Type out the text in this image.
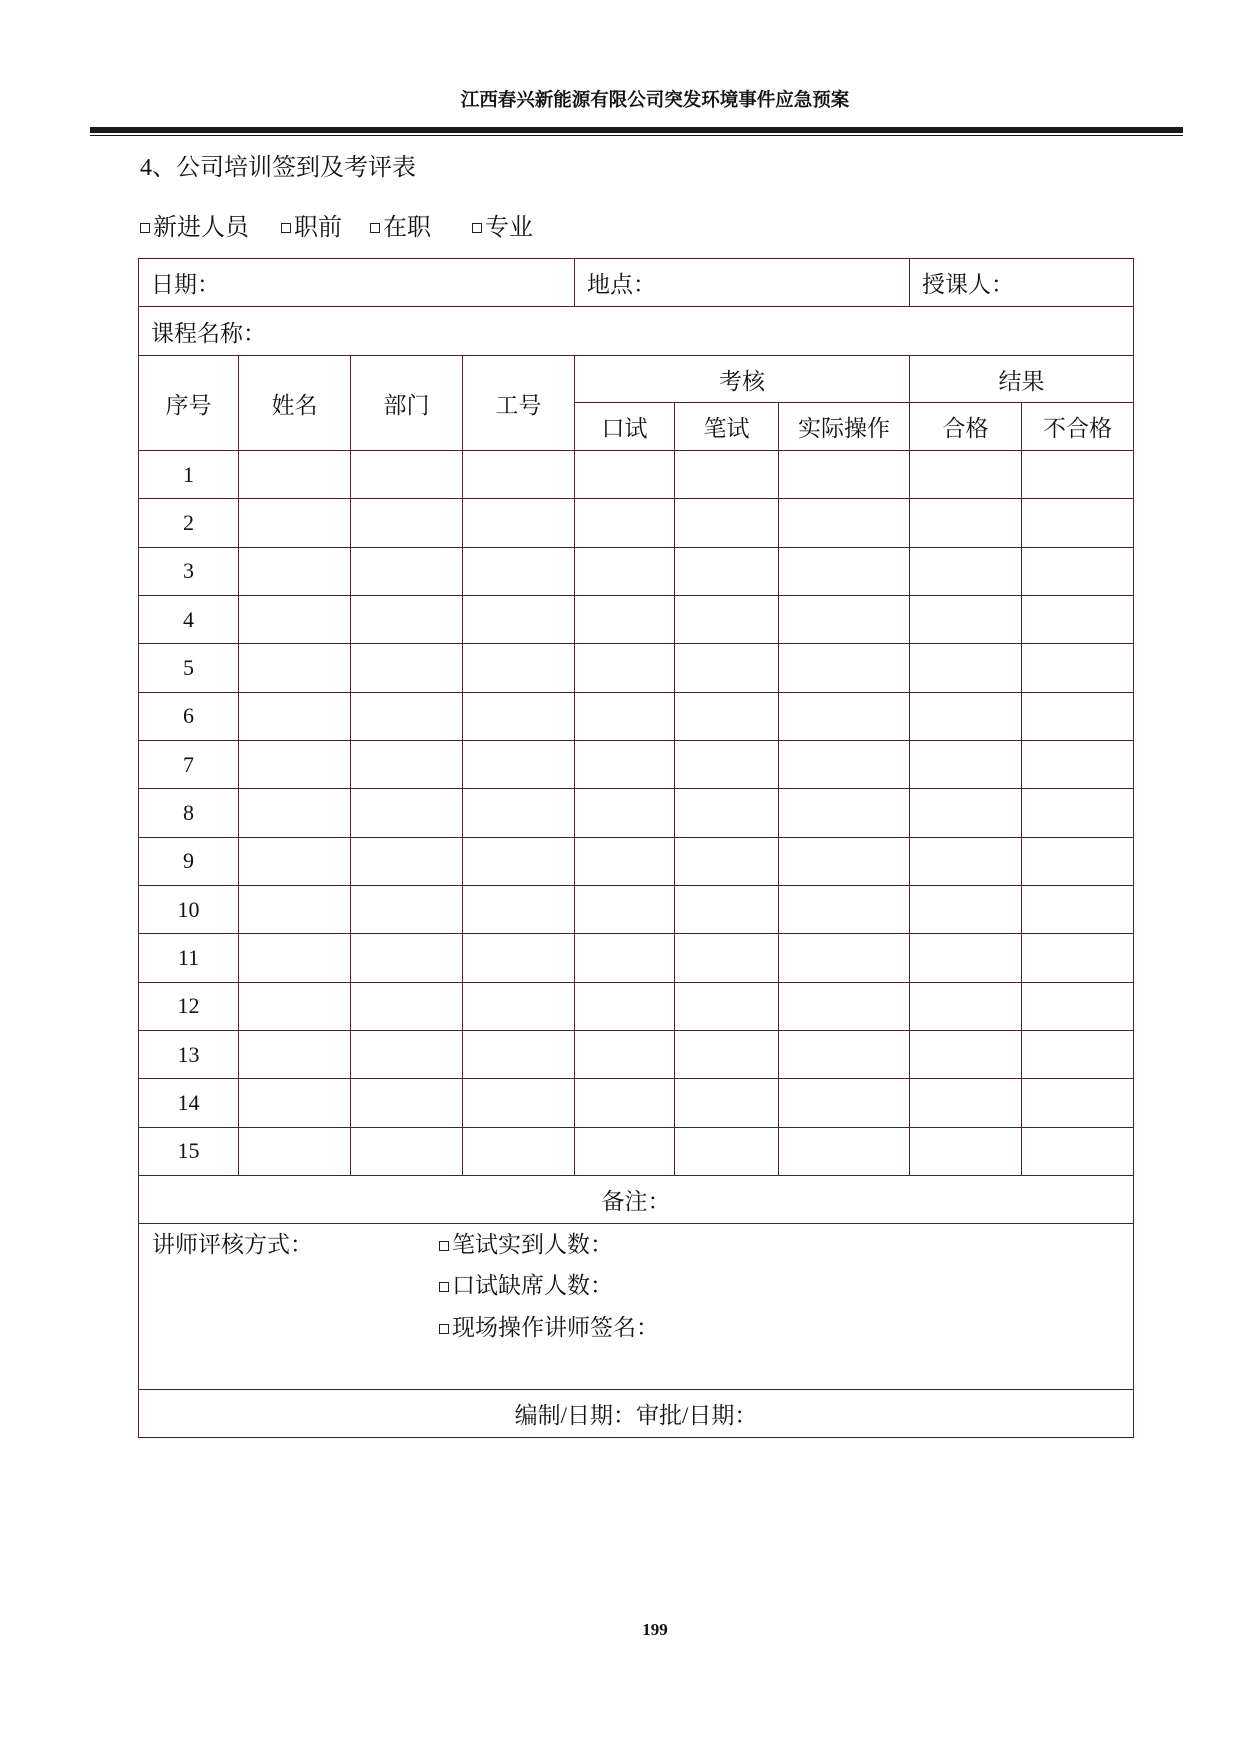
江西春兴新能源有限公司突发环境事件应急预案
4、公司培训签到及考评表
新进人员	职前	在职	专业
日期：				地点：			授课人：	
课程名称：								
序号	姓名	部门	工号	考核			结果	
				口试	笔试	实际操作	合格	不合格
1								
2								
3								
4								
5								
6								
7								
8								
9								
10								
11								
12								
13								
14								
15								
备注：								

讲师评核方式： 笔试实到人数：
口试缺席人数：
现场操作讲师签名：								

编制/日期：审批/日期：								
199
